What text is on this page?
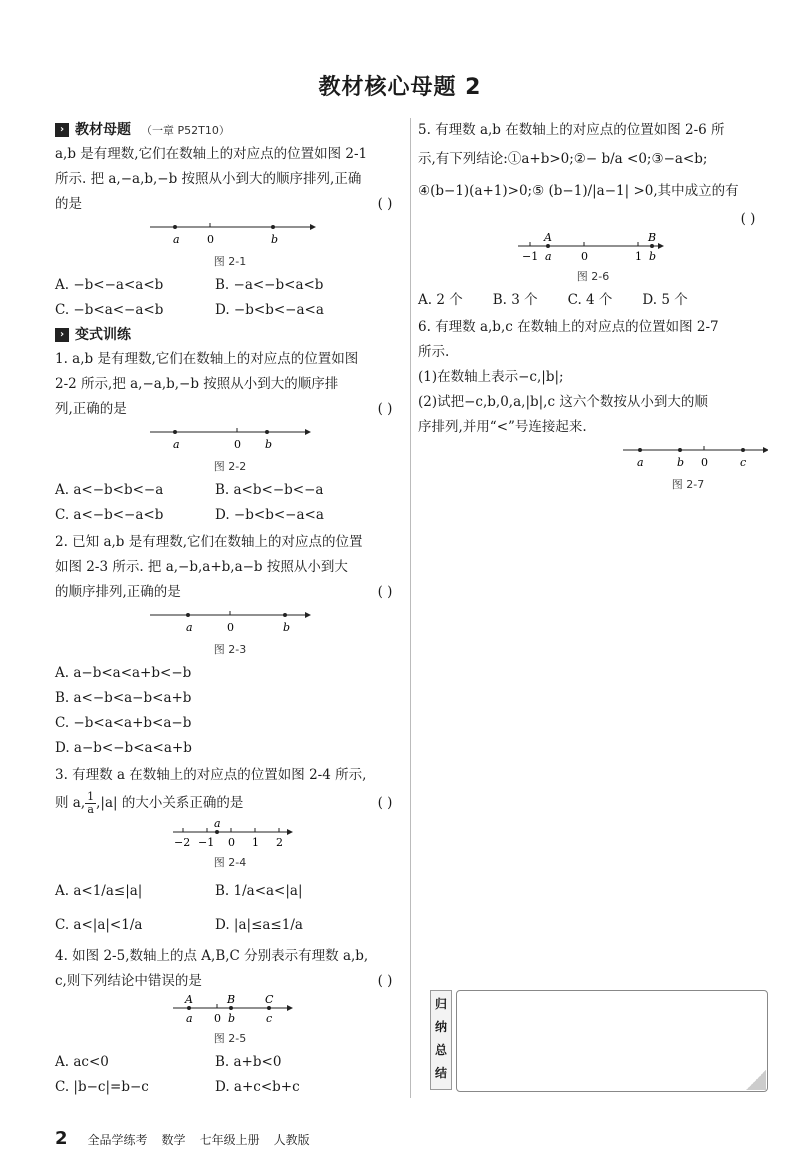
教材核心母题 2
› 教材母题 （一章 P52T10）

a,b 是有理数,它们在数轴上的对应点的位置如图 2-1

所示. 把 a,−a,b,−b 按照从小到大的顺序排列,正确

的是	( )

a 0	b
图 2-1
A. −b<−a<a<b	B. −a<−b<a<b
C. −b<a<−a<b	D. −b<b<−a<a
› 变式训练

1. a,b 是有理数,它们在数轴上的对应点的位置如图

2-2 所示,把 a,−a,b,−b 按照从小到大的顺序排

列,正确的是	( )

a	0 b
图 2-2
A. a<−b<b<−a	B. a<b<−b<−a
C. a<−b<−a<b	D. −b<b<−a<a

2. 已知 a,b 是有理数,它们在数轴上的对应点的位置

如图 2-3 所示. 把 a,−b,a+b,a−b 按照从小到大

的顺序排列,正确的是	( )

a	0	b
图 2-3

A. a−b<a<a+b<−b

B. a<−b<a−b<a+b

C. −b<a<a+b<a−b

D. a−b<−b<a<a+b

3. 有理数 a 在数轴上的对应点的位置如图 2-4 所示,

则 a, $\frac{1}{a} ,|a|$ 的大小关系正确的是	( )

−2 −1
a
0 1 2
图 2-4
A. a<1/a≤|a|	B. 1/a<a<|a|
C. a<|a|<1/a	D. |a|≤a≤1/a

4. 如图 2-5,数轴上的点 A,B,C 分别表示有理数 a,b,

c,则下列结论中错误的是	( )

A
a 0
B
b
C
c
图 2-5
A. ac<0	B. a+b<0
C. |b−c|=b−c	D. a+c<b+c

5. 有理数 a,b 在数轴上的对应点的位置如图 2-6 所

示,有下列结论:①a+b>0;②− b/a <0;③−a<b;

④(b−1)(a+1)>0;⑤ (b−1)/|a−1| >0,其中成立的有

( )

A
−1 a	0	1
B
b
图 2-6
A. 2 个 B. 3 个 C. 4 个 D. 5 个

6. 有理数 a,b,c 在数轴上的对应点的位置如图 2-7

所示.

(1)在数轴上表示−c,|b|;

(2)试把−c,b,0,a,|b|,c 这六个数按从小到大的顺

序排列,并用“<”号连接起来.

a	b 0	c
图 2-7
归纳总结
2 全品学练考 数学 七年级上册 人教版
